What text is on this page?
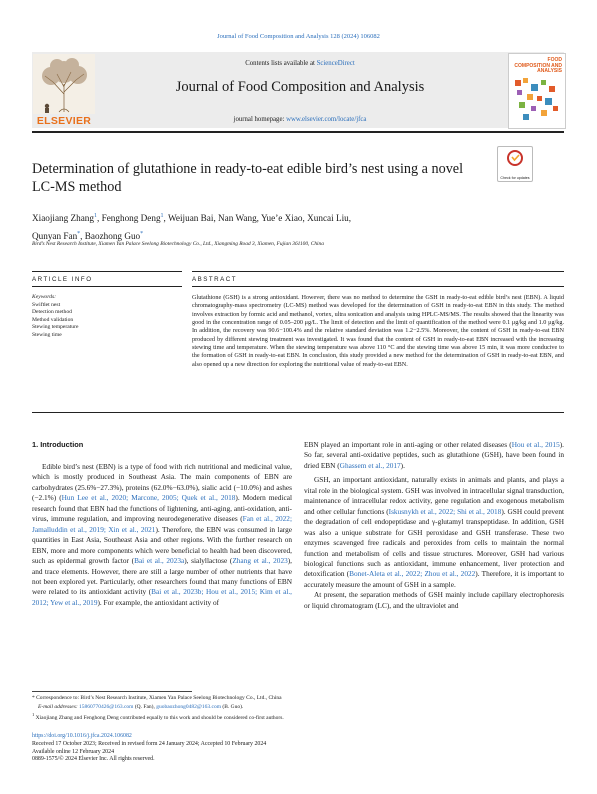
Journal of Food Composition and Analysis 128 (2024) 106082
ELSEVIER
Contents lists available at ScienceDirect
Journal of Food Composition and Analysis
journal homepage: www.elsevier.com/locate/jfca
FOOD COMPOSITION AND ANALYSIS
Determination of glutathione in ready-to-eat edible bird’s nest using a novel LC-MS method
Check for updates
Xiaojiang Zhang$^1$, Fenghong Deng$^1$, Weijuan Bai, Nan Wang, Yue’e Xiao, Xuncai Liu,
Qunyan Fan*, Baozhong Guo*
Bird’s Nest Research Institute, Xiamen Yan Palace Seelong Biotechnology Co., Ltd., Xiangming Road 3, Xiamen, Fujian 361100, China
ARTICLE INFO	ABSTRACT
Keywords:
Swiftlet nest
Detection method
Method validation
Stewing temperature
Stewing time
Glutathione (GSH) is a strong antioxidant. However, there was no method to determine the GSH in ready-to-eat edible bird’s nest (EBN). A liquid chromatography-mass spectrometry (LC-MS) method was developed for the determination of GSH in ready-to-eat EBN in this study. The method involves extraction by formic acid and methanol, vortex, ultra sonication and analysis using HPLC-MS/MS. The results showed that the linearity was good in the concentration range of 0.05–200 μg/L. The limit of detection and the limit of quantification of the method were 0.1 μg/kg and 1.0 μg/kg. In addition, the recovery was 90.6−100.4% and the relative standard deviation was 1.2−2.5%. Moreover, the content of GSH in ready-to-eat EBN produced by different stewing treatment was investigated. It was found that the content of GSH in ready-to-eat EBN increased with the increasing stewing time and temperature. When the stewing temperature was above 110 °C and the stewing time was above 15 min, it was more conducive to the formation of GSH in ready-to-eat EBN. In conclusion, this study provided a new method for the determination of GSH in ready-to-eat EBN, and also opened up a new direction for exploring the nutritional value of ready-to-eat EBN.
1. Introduction

Edible bird’s nest (EBN) is a type of food with rich nutritional and medicinal value, which is mostly produced in Southeast Asia. The main components of EBN are carbohydrates (25.6%−27.3%), proteins (62.0%−63.0%), sialic acid (−10.0%) and ashes (−2.1%) (Hun Lee et al., 2020; Marcone, 2005; Quek et al., 2018). Modern medical research found that EBN had the functions of lightening, anti-aging, anti-oxidation, anti-virus, immune regulation, and improving neurodegenerative diseases (Fan et al., 2022; Jamalluddin et al., 2019; Xin et al., 2021). Therefore, the EBN was consumed in large quantities in East Asia, Southeast Asia and other regions. With the further research on EBN, more and more components which were beneficial to health had been discovered, such as epidermal growth factor (Bai et al., 2023a), sialyllactose (Zhang et al., 2023), and trace elements. However, there are still a large number of other nutrients that have not been explored yet. Particularly, other researchers found that many functions of EBN were related to its antioxidant activity (Bai et al., 2023b; Hou et al., 2015; Kim et al., 2012; Yew et al., 2019). For example, the antioxidant activity of

EBN played an important role in anti-aging or other related diseases (Hou et al., 2015). So far, several anti-oxidative peptides, such as glutathione (GSH), have been found in dried EBN (Ghassem et al., 2017).

GSH, an important antioxidant, naturally exists in animals and plants, and plays a vital role in the biological system. GSH was involved in intracellular signal transduction, maintenance of intracellular redox activity, gene regulation and exogenous metabolism and other cellular functions (Iskusnykh et al., 2022; Shi et al., 2018). GSH could prevent the degradation of cell endopeptidase and γ-glutamyl transpeptidase. In addition, GSH was also a unique substrate for GSH peroxidase and GSH transferase. These two enzymes scavenged free radicals and peroxides from cells to maintain the normal function and metabolism of cells and tissue structures. Moreover, GSH had various biological functions such as antioxidant, immune enhancement, liver protection and detoxification (Bonet-Aleta et al., 2022; Zhou et al., 2022). Therefore, it is important to accurately measure the amount of GSH in a sample.

At present, the separation methods of GSH mainly include capillary electrophoresis or liquid chromatogram (LC), and the ultraviolet and

* Correspondence to: Bird’s Nest Research Institute, Xiamen Yan Palace Seelong Biotechnology Co., Ltd., China
E-mail addresses: 15860770426@163.com (Q. Fan), guobaozhong0482@163.com (B. Guo).
$^1$ Xiaojiang Zhang and Fenghong Deng contributed equally to this work and should be considered co-first authors.
https://doi.org/10.1016/j.jfca.2024.106082
Received 17 October 2023; Received in revised form 24 January 2024; Accepted 10 February 2024
Available online 12 February 2024
0889-1575/© 2024 Elsevier Inc. All rights reserved.
